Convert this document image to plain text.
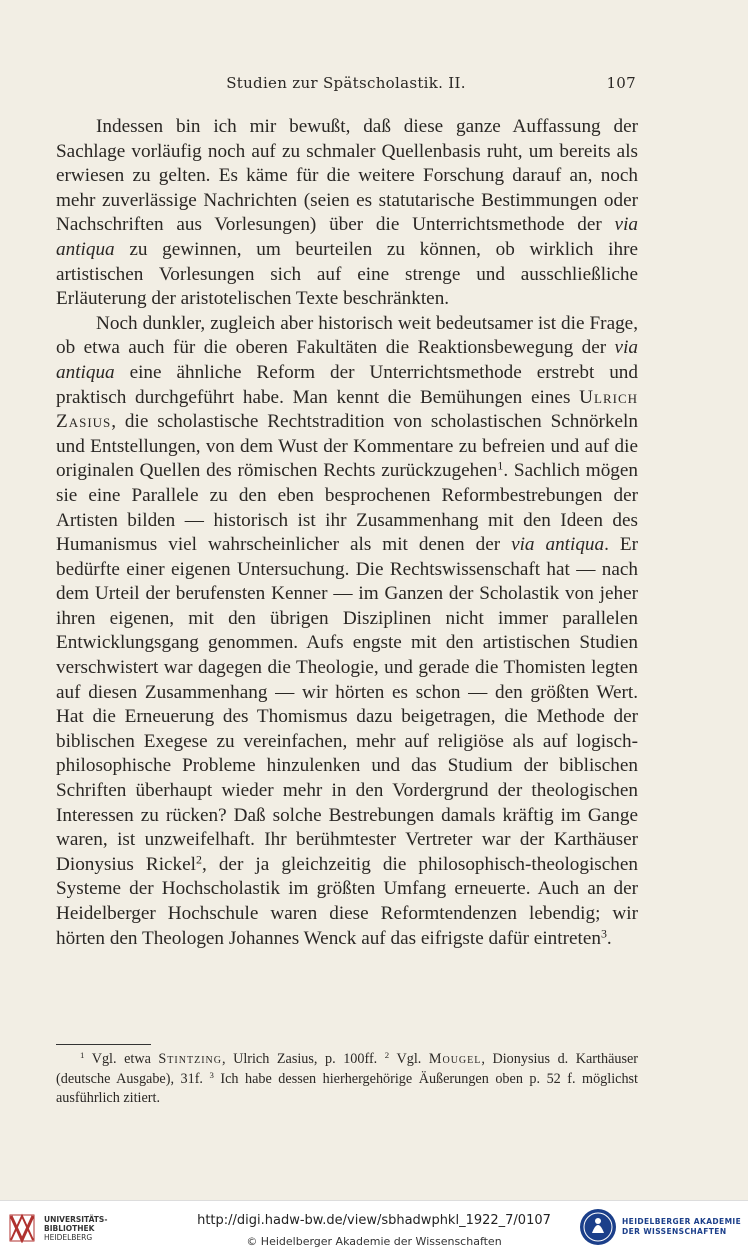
Studien zur Spätscholastik. II.	107

Indessen bin ich mir bewußt, daß diese ganze Auffassung der Sachlage vorläufig noch auf zu schmaler Quellenbasis ruht, um bereits als erwiesen zu gelten. Es käme für die weitere Forschung darauf an, noch mehr zuverlässige Nachrichten (seien es statutarische Bestimmungen oder Nachschriften aus Vorlesungen) über die Unterrichtsmethode der via antiqua zu gewinnen, um beurteilen zu können, ob wirklich ihre artistischen Vorlesungen sich auf eine strenge und ausschließliche Erläuterung der aristotelischen Texte beschränkten.

Noch dunkler, zugleich aber historisch weit bedeutsamer ist die Frage, ob etwa auch für die oberen Fakultäten die Reaktionsbewegung der via antiqua eine ähnliche Reform der Unterrichtsmethode erstrebt und praktisch durchgeführt habe. Man kennt die Bemühungen eines Ulrich Zasius, die scholastische Rechtstradition von scholastischen Schnörkeln und Entstellungen, von dem Wust der Kommentare zu befreien und auf die originalen Quellen des römischen Rechts zurückzugehen$^1$. Sachlich mögen sie eine Parallele zu den eben besprochenen Reformbestrebungen der Artisten bilden — historisch ist ihr Zusammenhang mit den Ideen des Humanismus viel wahrscheinlicher als mit denen der via antiqua. Er bedürfte einer eigenen Untersuchung. Die Rechtswissenschaft hat — nach dem Urteil der berufensten Kenner — im Ganzen der Scholastik von jeher ihren eigenen, mit den übrigen Disziplinen nicht immer parallelen Entwicklungsgang genommen. Aufs engste mit den artistischen Studien verschwistert war dagegen die Theologie, und gerade die Thomisten legten auf diesen Zusammenhang — wir hörten es schon — den größten Wert. Hat die Erneuerung des Thomismus dazu beigetragen, die Methode der biblischen Exegese zu vereinfachen, mehr auf religiöse als auf logisch-philosophische Probleme hinzulenken und das Studium der biblischen Schriften überhaupt wieder mehr in den Vordergrund der theologischen Interessen zu rücken? Daß solche Bestrebungen damals kräftig im Gange waren, ist unzweifelhaft. Ihr berühmtester Vertreter war der Karthäuser Dionysius Rickel$^2$, der ja gleichzeitig die philosophisch-theologischen Systeme der Hochscholastik im größten Umfang erneuerte. Auch an der Heidelberger Hochschule waren diese Reformtendenzen lebendig; wir hörten den Theologen Johannes Wenck auf das eifrigste dafür eintreten$^3$.

$^1$ Vgl. etwa Stintzing, Ulrich Zasius, p. 100ff. $^2$ Vgl. Mougel, Dionysius d. Karthäuser (deutsche Ausgabe), 31f. $^3$ Ich habe dessen hierhergehörige Äußerungen oben p. 52 f. möglichst ausführlich zitiert.

UNIVERSITÄTS-
BIBLIOTHEK
HEIDELBERG
http://digi.hadw-bw.de/view/sbhadwphkl_1922_7/0107
© Heidelberger Akademie der Wissenschaften
HEIDELBERGER AKADEMIE
DER WISSENSCHAFTEN
